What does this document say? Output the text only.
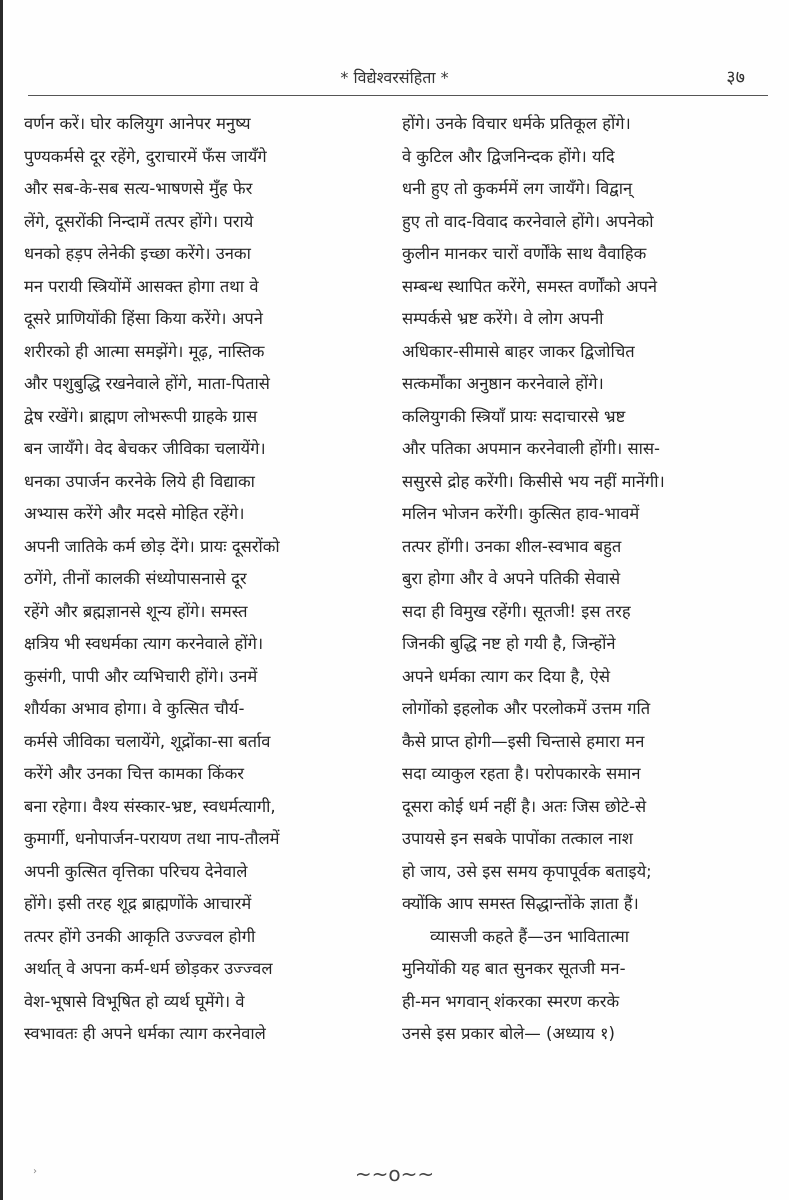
* विद्येश्वरसंहिता *	३७
वर्णन करें। घोर कलियुग आनेपर मनुष्य
पुण्यकर्मसे दूर रहेंगे, दुराचारमें फँस जायँगे
और सब-के-सब सत्य-भाषणसे मुँह फेर
लेंगे, दूसरोंकी निन्दामें तत्पर होंगे। पराये
धनको हड़प लेनेकी इच्छा करेंगे। उनका
मन परायी स्त्रियोंमें आसक्त होगा तथा वे
दूसरे प्राणियोंकी हिंसा किया करेंगे। अपने
शरीरको ही आत्मा समझेंगे। मूढ़, नास्तिक
और पशुबुद्धि रखनेवाले होंगे, माता-पितासे
द्वेष रखेंगे। ब्राह्मण लोभरूपी ग्राहके ग्रास
बन जायँगे। वेद बेचकर जीविका चलायेंगे।
धनका उपार्जन करनेके लिये ही विद्याका
अभ्यास करेंगे और मदसे मोहित रहेंगे।
अपनी जातिके कर्म छोड़ देंगे। प्रायः दूसरोंको
ठगेंगे, तीनों कालकी संध्योपासनासे दूर
रहेंगे और ब्रह्मज्ञानसे शून्य होंगे। समस्त
क्षत्रिय भी स्वधर्मका त्याग करनेवाले होंगे।
कुसंगी, पापी और व्यभिचारी होंगे। उनमें
शौर्यका अभाव होगा। वे कुत्सित चौर्य-
कर्मसे जीविका चलायेंगे, शूद्रोंका-सा बर्ताव
करेंगे और उनका चित्त कामका किंकर
बना रहेगा। वैश्य संस्कार-भ्रष्ट, स्वधर्मत्यागी,
कुमार्गी, धनोपार्जन-परायण तथा नाप-तौलमें
अपनी कुत्सित वृत्तिका परिचय देनेवाले
होंगे। इसी तरह शूद्र ब्राह्मणोंके आचारमें
तत्पर होंगे उनकी आकृति उज्ज्वल होगी
अर्थात् वे अपना कर्म-धर्म छोड़कर उज्ज्वल
वेश-भूषासे विभूषित हो व्यर्थ घूमेंगे। वे
स्वभावतः ही अपने धर्मका त्याग करनेवाले
होंगे। उनके विचार धर्मके प्रतिकूल होंगे।
वे कुटिल और द्विजनिन्दक होंगे। यदि
धनी हुए तो कुकर्ममें लग जायँगे। विद्वान्
हुए तो वाद-विवाद करनेवाले होंगे। अपनेको
कुलीन मानकर चारों वर्णोंके साथ वैवाहिक
सम्बन्ध स्थापित करेंगे, समस्त वर्णोंको अपने
सम्पर्कसे भ्रष्ट करेंगे। वे लोग अपनी
अधिकार-सीमासे बाहर जाकर द्विजोचित
सत्कर्मोंका अनुष्ठान करनेवाले होंगे।
कलियुगकी स्त्रियाँ प्रायः सदाचारसे भ्रष्ट
और पतिका अपमान करनेवाली होंगी। सास-
ससुरसे द्रोह करेंगी। किसीसे भय नहीं मानेंगी।
मलिन भोजन करेंगी। कुत्सित हाव-भावमें
तत्पर होंगी। उनका शील-स्वभाव बहुत
बुरा होगा और वे अपने पतिकी सेवासे
सदा ही विमुख रहेंगी। सूतजी! इस तरह
जिनकी बुद्धि नष्ट हो गयी है, जिन्होंने
अपने धर्मका त्याग कर दिया है, ऐसे
लोगोंको इहलोक और परलोकमें उत्तम गति
कैसे प्राप्त होगी—इसी चिन्तासे हमारा मन
सदा व्याकुल रहता है। परोपकारके समान
दूसरा कोई धर्म नहीं है। अतः जिस छोटे-से
उपायसे इन सबके पापोंका तत्काल नाश
हो जाय, उसे इस समय कृपापूर्वक बताइये;
क्योंकि आप समस्त सिद्धान्तोंके ज्ञाता हैं।
व्यासजी कहते हैं—उन भावितात्मा
मुनियोंकी यह बात सुनकर सूतजी मन-
ही-मन भगवान् शंकरका स्मरण करके
उनसे इस प्रकार बोले— (अध्याय १)
~~o~~
›
